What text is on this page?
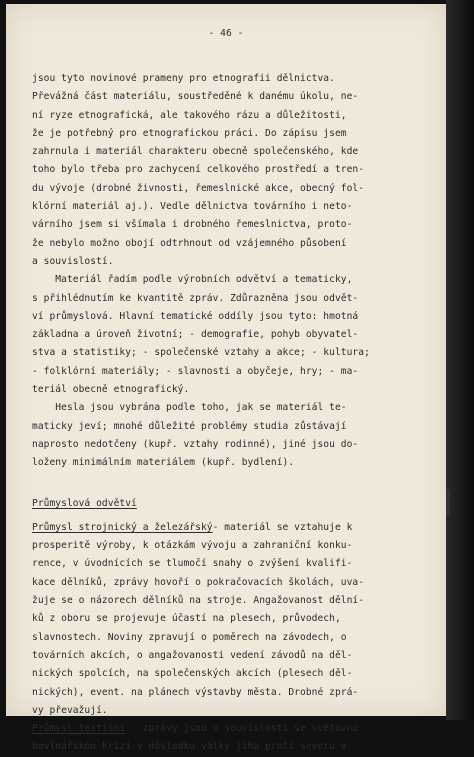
- 46 -
jsou tyto novinové prameny pro etnografii dělnictva.
Převážná část materiálu, soustředěné k danému úkolu, ne-
ní ryze etnografická, ale takového rázu a důležitosti,
že je potřebný pro etnografickou práci. Do zápisu jsem
zahrnula i materiál charakteru obecně společenského, kde
toho bylo třeba pro zachycení celkového prostředí a tren-
du vývoje (drobné živnosti, řemeslnické akce, obecný fol-
klórní materiál aj.). Vedle dělnictva továrního i neto-
várního jsem si všímala i drobného řemeslnictva, proto-
že nebylo možno obojí odtrhnout od vzájemného působení
a souvislostí.
Materiál řadím podle výrobních odvětví a tematicky,
s přihlédnutím ke kvantitě zpráv. Zdůrazněna jsou odvět-
ví průmyslová. Hlavní tematické oddíly jsou tyto: hmotná
základna a úroveň životní; - demografie, pohyb obyvatel-
stva a statistiky; - společenské vztahy a akce; - kultura;
- folklórní materiály; - slavnosti a obyčeje, hry; - ma-
teriál obecně etnografický.
Hesla jsou vybrána podle toho, jak se materiál te-
maticky jeví; mnohé důležité problémy studia zůstávají
naprosto nedotčeny (kupř. vztahy rodinné), jiné jsou do-
loženy minimálním materiálem (kupř. bydlení).
Průmyslová odvětví
Průmysl strojnický a železářský- materiál se vztahuje k
prosperitě výroby, k otázkám vývoju a zahraniční konku-
rence, v úvodnících se tlumočí snahy o zvýšení kvalifi-
kace dělníků, zprávy hovoří o pokračovacích školách, uva-
žuje se o názorech dělníků na stroje. Angažovanost dělní-
ků z oboru se projevuje účastí na plesech, průvodech,
slavnostech. Noviny zpravují o poměrech na závodech, o
továrních akcích, o angažovanosti vedení závodů na děl-
nických spolcích, na společenských akcích (plesech děl-
nických), event. na plánech výstavby města. Drobné zprá-
vy převažují.
Průmysl textilní - zprávy jsou v souvislosti se světovou
bavlnářskou krizí v důsledku války jihu proti severu v
